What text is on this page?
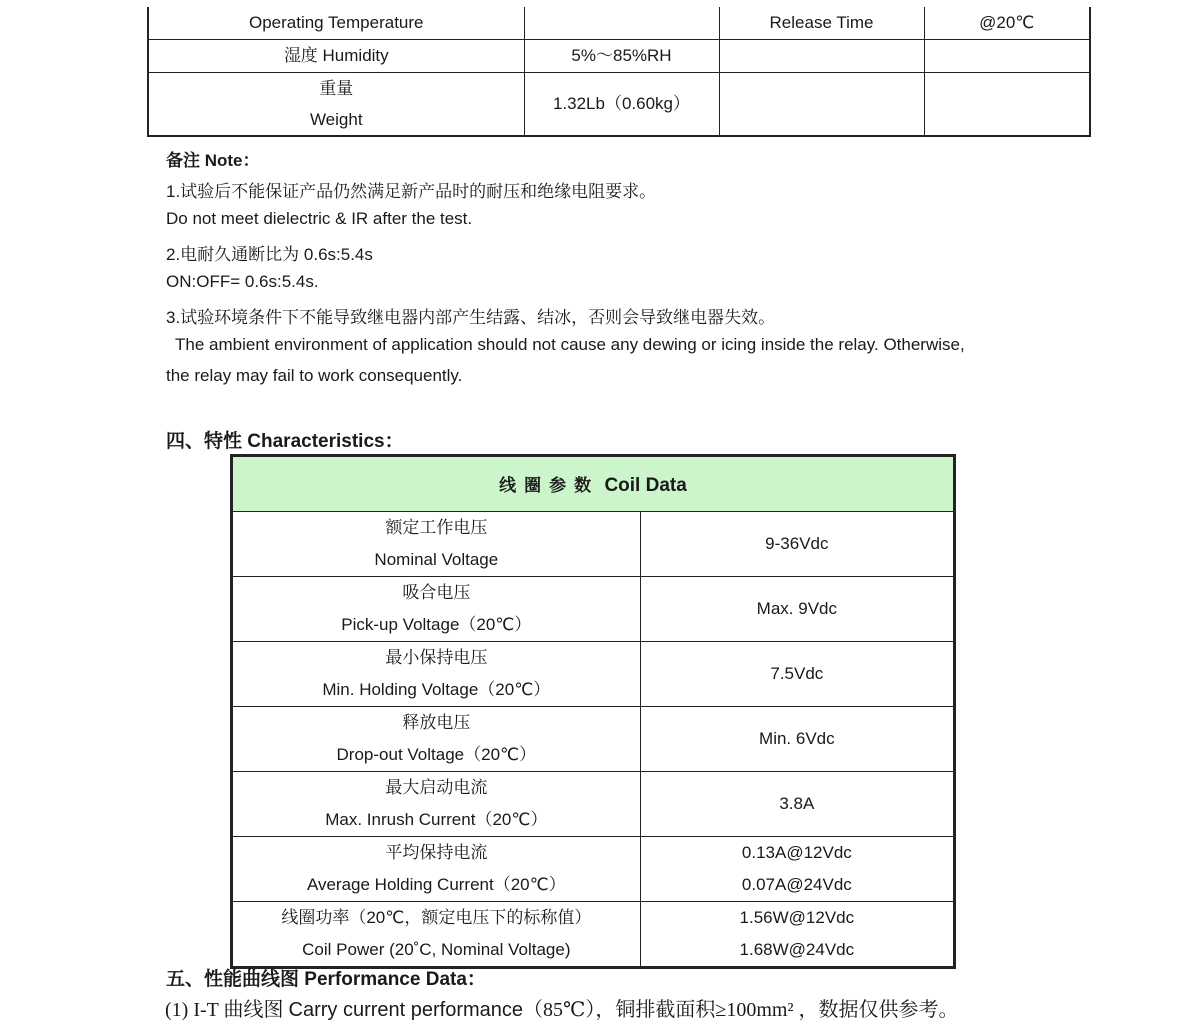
Operating Temperature		Release Time	@20℃
湿度 Humidity	5%～85%RH		

重量
Weight	1.32Lb（0.60kg）		
备注 Note：
1.试验后不能保证产品仍然满足新产品时的耐压和绝缘电阻要求。
Do not meet dielectric & IR after the test.
2.电耐久通断比为 0.6s:5.4s
ON:OFF= 0.6s:5.4s.
3.试验环境条件下不能导致继电器内部产生结露、结冰，否则会导致继电器失效。
The ambient environment of application should not cause any dewing or icing inside the relay. Otherwise,
the relay may fail to work consequently.
四、特性 Characteristics：
线圈参数 Coil Data	

额定工作电压
Nominal Voltage	9-36Vdc

吸合电压
Pick-up Voltage（20℃）	Max. 9Vdc

最小保持电压
Min. Holding Voltage（20℃）	7.5Vdc

释放电压
Drop-out Voltage（20℃）	Min. 6Vdc

最大启动电流
Max. Inrush Current（20℃）	3.8A

平均保持电流
Average Holding Current（20℃）	0.13A@12Vdc
0.07A@24Vdc

线圈功率（20℃，额定电压下的标称值）
Coil Power (20˚C, Nominal Voltage)	1.56W@12Vdc
1.68W@24Vdc
五、性能曲线图 Performance Data：
(1) I-T 曲线图 Carry current performance（85℃），铜排截面积≥100mm² ，数据仅供参考。
